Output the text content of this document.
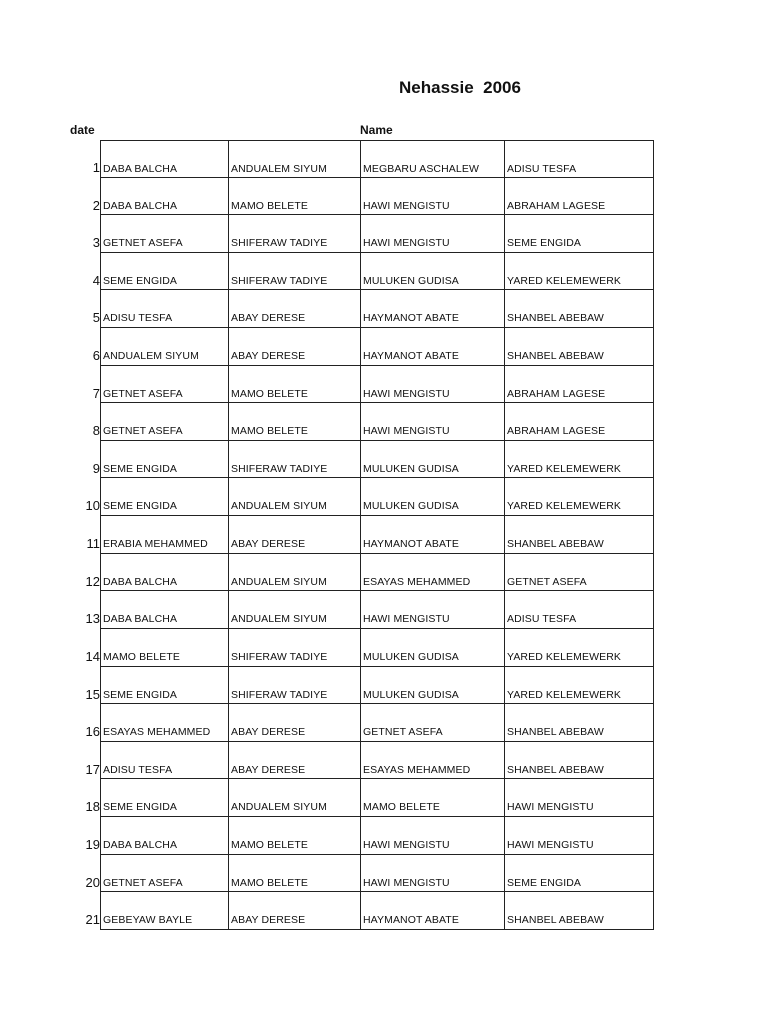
Nehassie  2006
date	Name
1 DABA BALCHA	ANDUALEM SIYUM	MEGBARU ASCHALEW	ADISU TESFA
2 DABA BALCHA	MAMO BELETE	HAWI MENGISTU	ABRAHAM LAGESE
3 GETNET ASEFA	SHIFERAW TADIYE	HAWI MENGISTU	SEME ENGIDA
4 SEME ENGIDA	SHIFERAW TADIYE	MULUKEN GUDISA	YARED KELEMEWERK
5 ADISU TESFA	ABAY DERESE	HAYMANOT ABATE	SHANBEL ABEBAW
6 ANDUALEM SIYUM	ABAY DERESE	HAYMANOT ABATE	SHANBEL ABEBAW
7 GETNET ASEFA	MAMO BELETE	HAWI MENGISTU	ABRAHAM LAGESE
8 GETNET ASEFA	MAMO BELETE	HAWI MENGISTU	ABRAHAM LAGESE
9 SEME ENGIDA	SHIFERAW TADIYE	MULUKEN GUDISA	YARED KELEMEWERK
10 SEME ENGIDA	ANDUALEM SIYUM	MULUKEN GUDISA	YARED KELEMEWERK
11 ERABIA MEHAMMED	ABAY DERESE	HAYMANOT ABATE	SHANBEL ABEBAW
12 DABA BALCHA	ANDUALEM SIYUM	ESAYAS MEHAMMED	GETNET ASEFA
13 DABA BALCHA	ANDUALEM SIYUM	HAWI MENGISTU	ADISU TESFA
14 MAMO BELETE	SHIFERAW TADIYE	MULUKEN GUDISA	YARED KELEMEWERK
15 SEME ENGIDA	SHIFERAW TADIYE	MULUKEN GUDISA	YARED KELEMEWERK
16 ESAYAS MEHAMMED	ABAY DERESE	GETNET ASEFA	SHANBEL ABEBAW
17 ADISU TESFA	ABAY DERESE	ESAYAS MEHAMMED	SHANBEL ABEBAW
18 SEME ENGIDA	ANDUALEM SIYUM	MAMO BELETE	HAWI MENGISTU
19 DABA BALCHA	MAMO BELETE	HAWI MENGISTU	HAWI MENGISTU
20 GETNET ASEFA	MAMO BELETE	HAWI MENGISTU	SEME ENGIDA
21 GEBEYAW BAYLE	ABAY DERESE	HAYMANOT ABATE	SHANBEL ABEBAW
